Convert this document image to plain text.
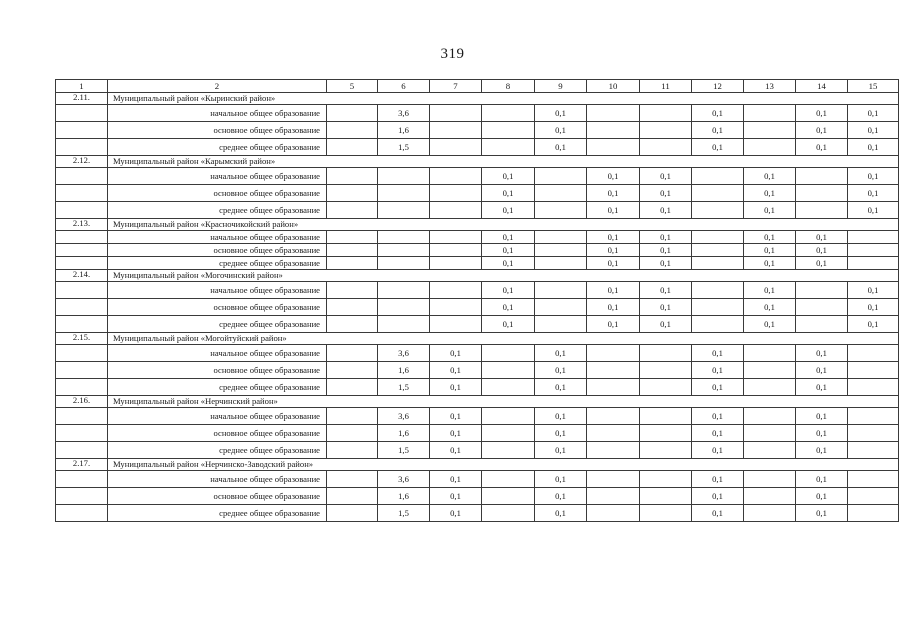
319
1	2	5	6	7	8	9	10	11	12	13	14	15
2.11.	Муниципальный район «Кыринский район»											
	начальное общее образование		3,6			0,1			0,1		0,1	0,1
	основное общее образование		1,6			0,1			0,1		0,1	0,1
	среднее общее образование		1,5			0,1			0,1		0,1	0,1
2.12.	Муниципальный район «Карымский район»											
	начальное общее образование				0,1		0,1	0,1		0,1		0,1
	основное общее образование				0,1		0,1	0,1		0,1		0,1
	среднее общее образование				0,1		0,1	0,1		0,1		0,1
2.13.	Муниципальный район «Красночикойский район»											
	начальное общее образование				0,1		0,1	0,1		0,1	0,1	
	основное общее образование				0,1		0,1	0,1		0,1	0,1	
	среднее общее образование				0,1		0,1	0,1		0,1	0,1	
2.14.	Муниципальный район «Могочинский район»											
	начальное общее образование				0,1		0,1	0,1		0,1		0,1
	основное общее образование				0,1		0,1	0,1		0,1		0,1
	среднее общее образование				0,1		0,1	0,1		0,1		0,1
2.15.	Муниципальный район «Могойтуйский район»											
	начальное общее образование		3,6	0,1		0,1			0,1		0,1	
	основное общее образование		1,6	0,1		0,1			0,1		0,1	
	среднее общее образование		1,5	0,1		0,1			0,1		0,1	
2.16.	Муниципальный район «Нерчинский район»											
	начальное общее образование		3,6	0,1		0,1			0,1		0,1	
	основное общее образование		1,6	0,1		0,1			0,1		0,1	
	среднее общее образование		1,5	0,1		0,1			0,1		0,1	
2.17.	Муниципальный район «Нерчинско-Заводский район»											
	начальное общее образование		3,6	0,1		0,1			0,1		0,1	
	основное общее образование		1,6	0,1		0,1			0,1		0,1	
	среднее общее образование		1,5	0,1		0,1			0,1		0,1	
